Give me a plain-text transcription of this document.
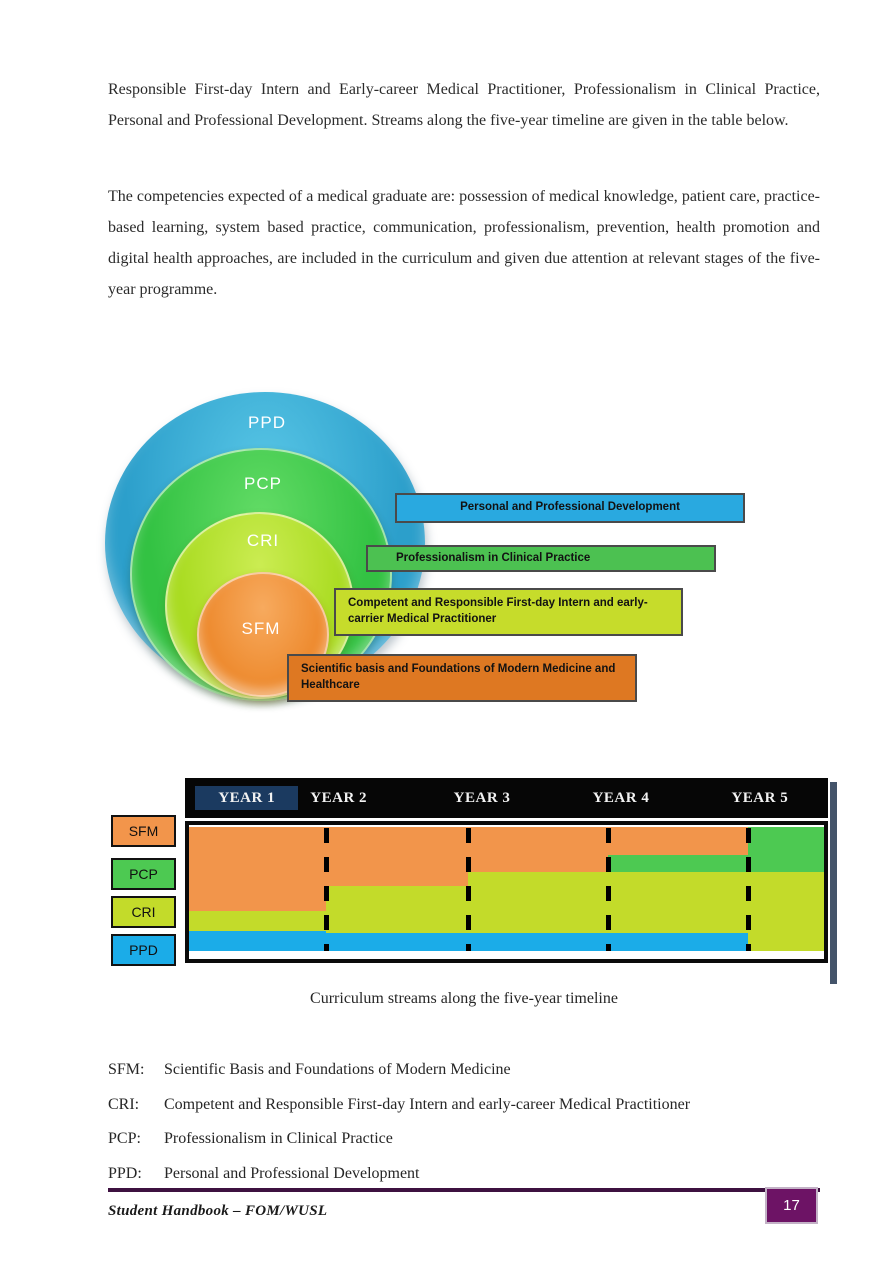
Responsible First-day Intern and Early-career Medical Practitioner, Professionalism in Clinical Practice, Personal and Professional Development. Streams along the five-year timeline are given in the table below.

The competencies expected of a medical graduate are: possession of medical knowledge, patient care, practice-based learning, system based practice, communication, professionalism, prevention, health promotion and digital health approaches, are included in the curriculum and given due attention at relevant stages of the five-year programme.

PPD
PCP
CRI
SFM
Personal and Professional Development
Professionalism in Clinical Practice
Competent and Responsible First-day Intern and early-carrier Medical Practitioner
Scientific basis and Foundations of Modern Medicine and Healthcare
SFM
PCP
CRI
PPD
YEAR 1	YEAR 2	YEAR 3	YEAR 4	YEAR 5
Curriculum streams along the five-year timeline
SFM: Scientific Basis and Foundations of Modern Medicine
CRI: Competent and Responsible First-day Intern and early-career Medical Practitioner
PCP: Professionalism in Clinical Practice
PPD: Personal and Professional Development
Student Handbook – FOM/WUSL	17
